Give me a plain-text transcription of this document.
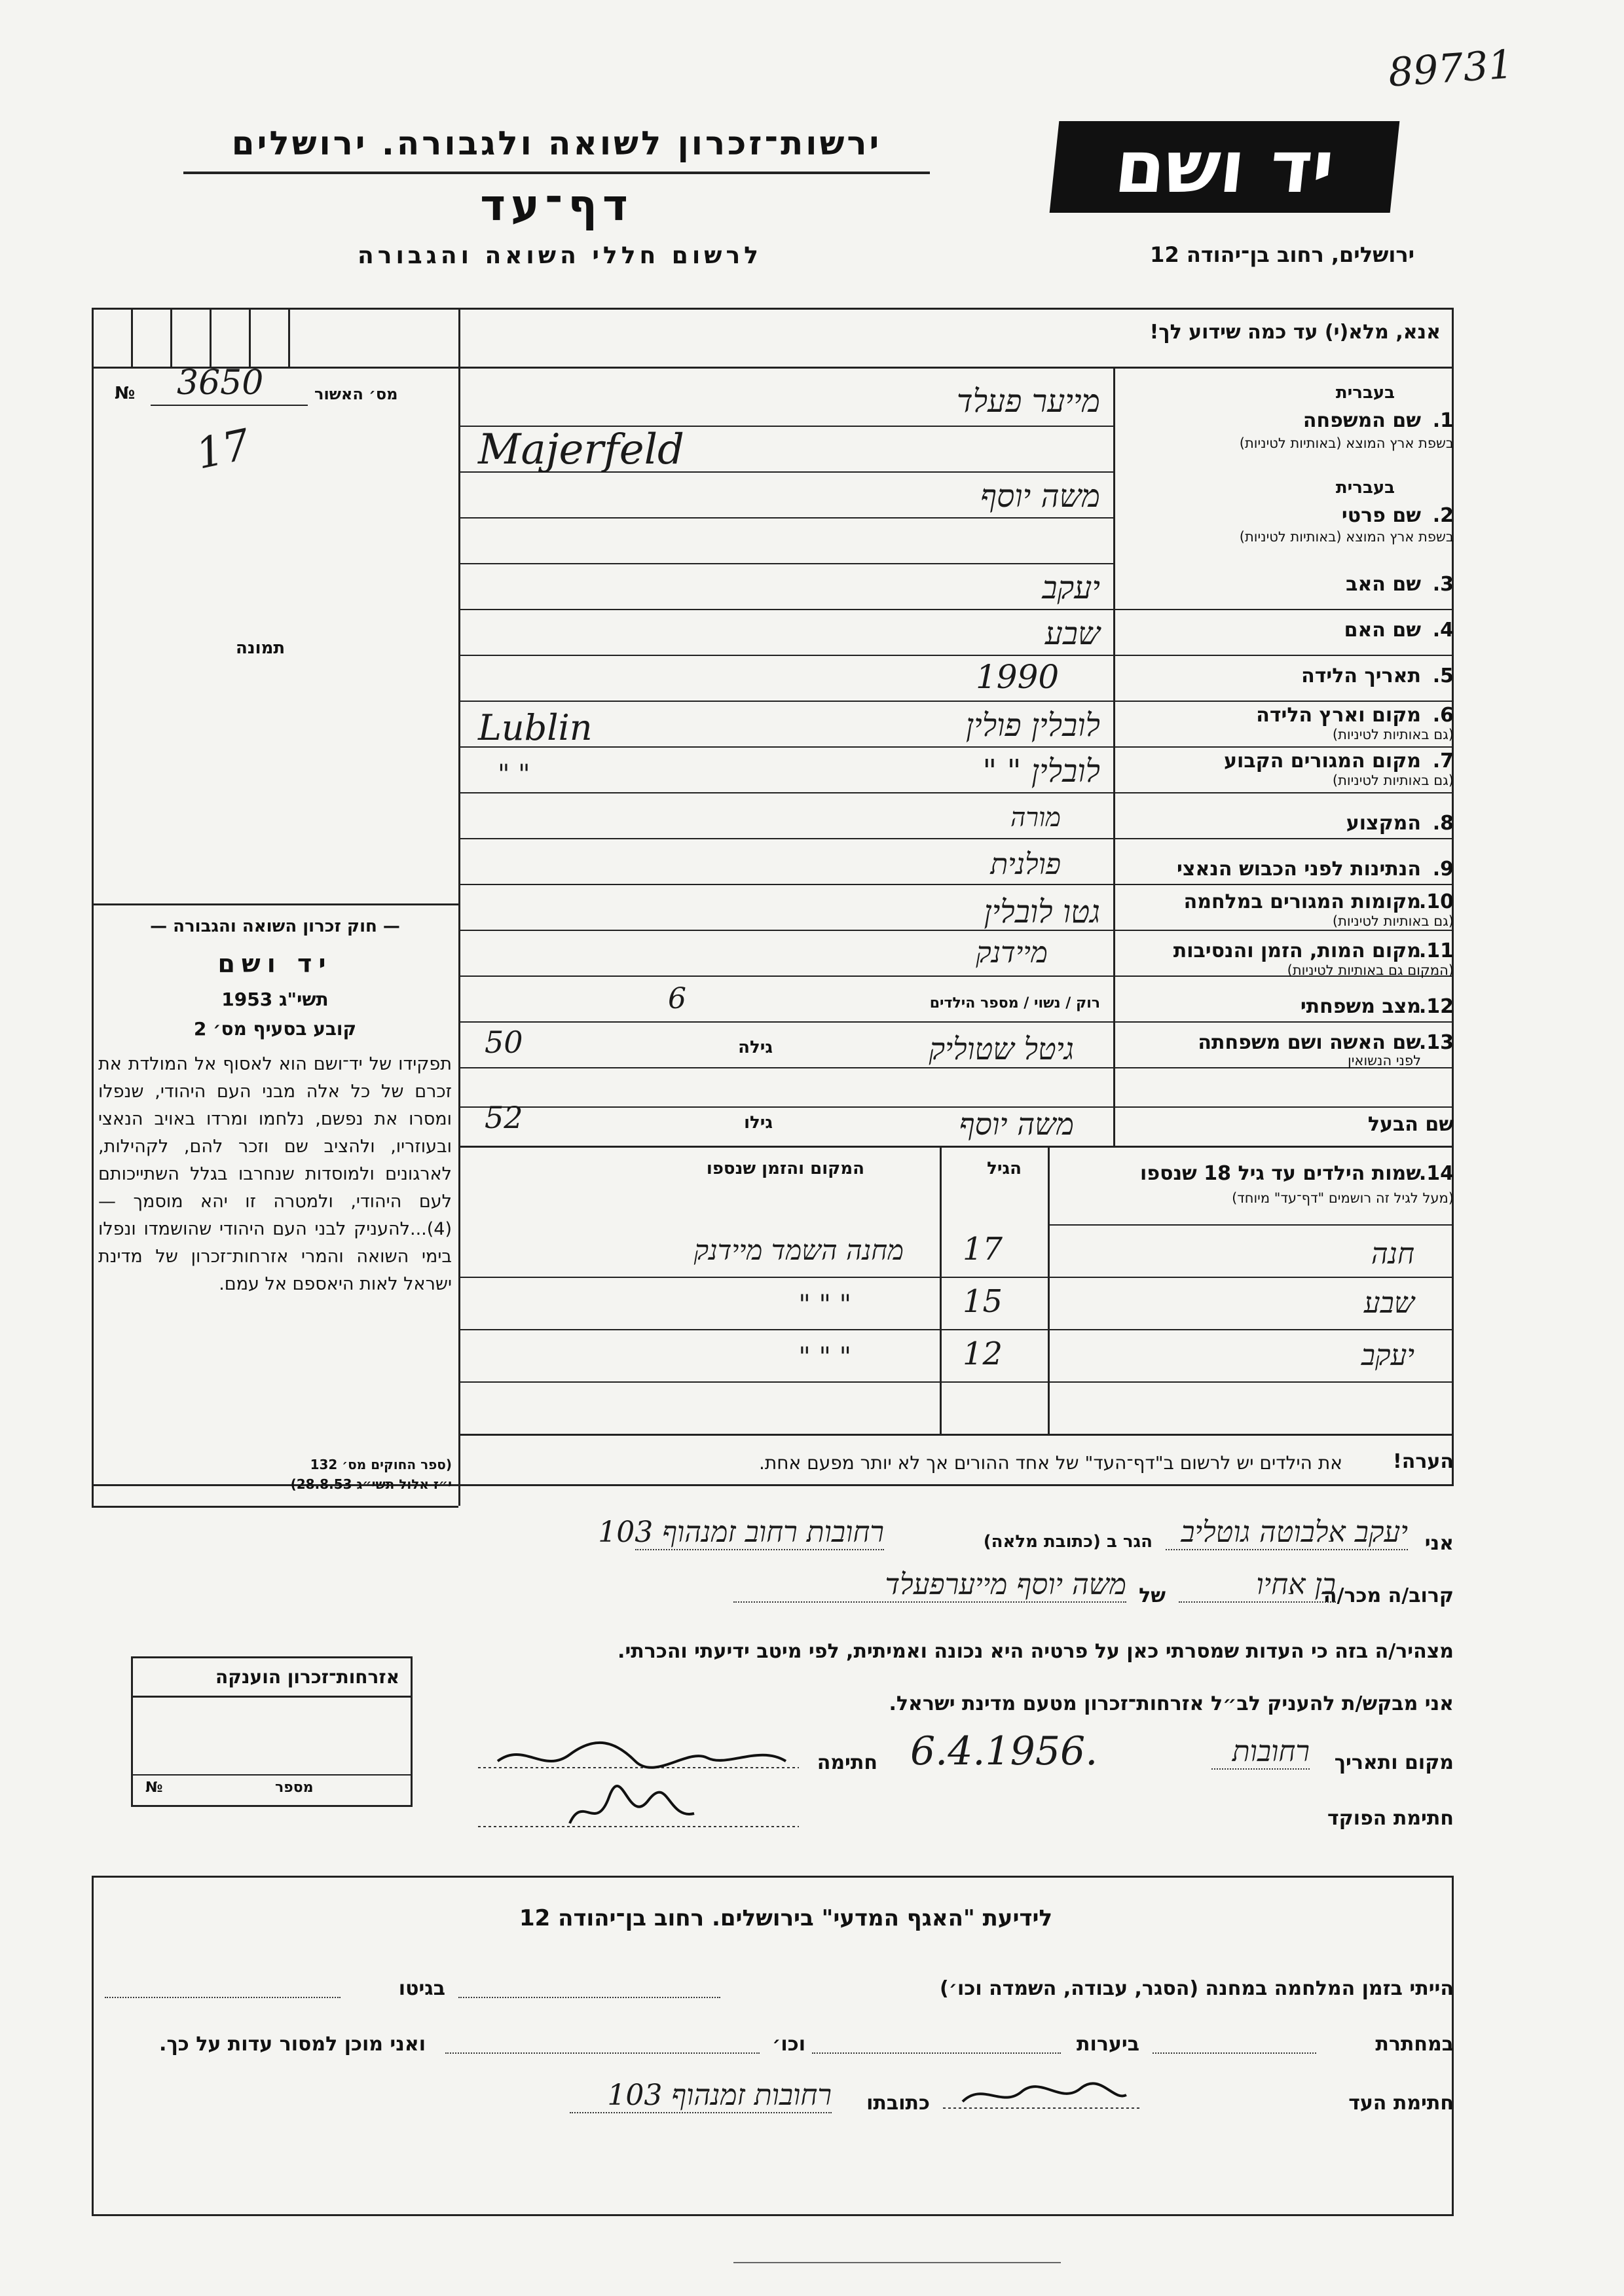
89731
ירשות־זכרון לשואה ולגבורה. ירושלים
דף־עד
לרשום חללי השואה והגבורה
יד ושם
ירושלים, רחוב בן־יהודה 12
אנא, מלא(י) עד כמה שידוע לך!
מס׳ האשור
№ 3650
17
תמונה
— חוק זכרון השואה והגבורה —
יד ושם
תשי"ג 1953
קובע בסעיף מס׳ 2
תפקידו של יד־ושם הוא לאסוף אל המולדת את זכרם של כל אלה מבני העם היהודי, שנפלו ומסרו את נפשם, נלחמו ומרדו באויב הנאצי ובעוזריו, ולהציב שם וזכר להם, לקהילות, לארגונים ולמוסדות שנחרבו בגלל השתייכותם לעם היהודי, ולמטרה זו יהא מוסמך — (4)...להעניק לבני העם היהודי שהושמדו ונפלו בימי השואה והמרי אזרחות־זכרון של מדינת ישראל לאות היאספם אל עמם.
(ספר החוקים מס׳ 132
י״ז אלול תשי״ג 28.8.53)
בעברית
1.
שם המשפחה
בשפת ארץ המוצא (באותיות לטיניות)
מייער פעלד
Majerfeld
בעברית
2.
שם פרטי
בשפת ארץ המוצא (באותיות לטיניות)
משה יוסף
3.
שם האב
יעקב
4.
שם האם
שבע
5.
תאריך הלידה
1990
6.
מקום וארץ הלידה
(גם באותיות לטיניות)
לובלין פולין
Lublin
7.
מקום המגורים הקבוע
(גם באותיות לטיניות)
לובלין " "
" "
8.
המקצוע
מורה
9.
הנתינות לפני הכבוש הנאצי
פולנית
10.
מקומות המגורים במלחמה
(גם באותיות לטיניות)
גטו לובלין
11.
מקום המות, הזמן והנסיבות
(המקום גם באותיות לטיניות)
מיידנק
12.
מצב משפחתי
רוק / נשוי / מספר הילדים
6
13.
שם האשה ושם משפחתה
לפני הנשואין
גילה	גיטל שטוליק
50
שם הבעל
גילו	משה יוסף
52
14.
שמות הילדים עד גיל 18 שנספו
(מעל לגיל זה רושמים "דף־עד" מיוחד)
הגיל
המקום והזמן שנספו
חנה
17
מחנה השמד מיידנק
שבע
15
" " "
יעקב
12
" " "
הערה!
את הילדים יש לרשום ב"דף־העד" של אחד ההורים אך לא יותר מפעם אחת.
אני
יעקב אלבוטה גוטליב
הגר ב (כתובת מלאה)
רחובות רחוב זמנהוף 103
קרוב/ה מכר/ה
בן אחיו
של
משה יוסף מייערפעלד
מצהיר/ה בזה כי העדות שמסרתי כאן על פרטיה היא נכונה ואמיתית, לפי מיטב ידיעתי והכרתי.
אני מבקש/ת להעניק לב״ל אזרחות־זכרון מטעם מדינת ישראל.
מקום ותאריך
רחובות
6.4.1956.
חתימה
חתימת הפוקד
אזרחות־זכרון הוענקה
מספר
№
לידיעת "האגף המדעי" בירושלים. רחוב בן־יהודה 12
הייתי בזמן המלחמה במחנה (הסגר, עבודה, השמדה וכו׳)
בגיטו
במחתרת
ביערות
וכו׳
ואני מוכן למסור עדות על כך.
חתימת העד
כתובתו
רחובות זמנהוף 103
